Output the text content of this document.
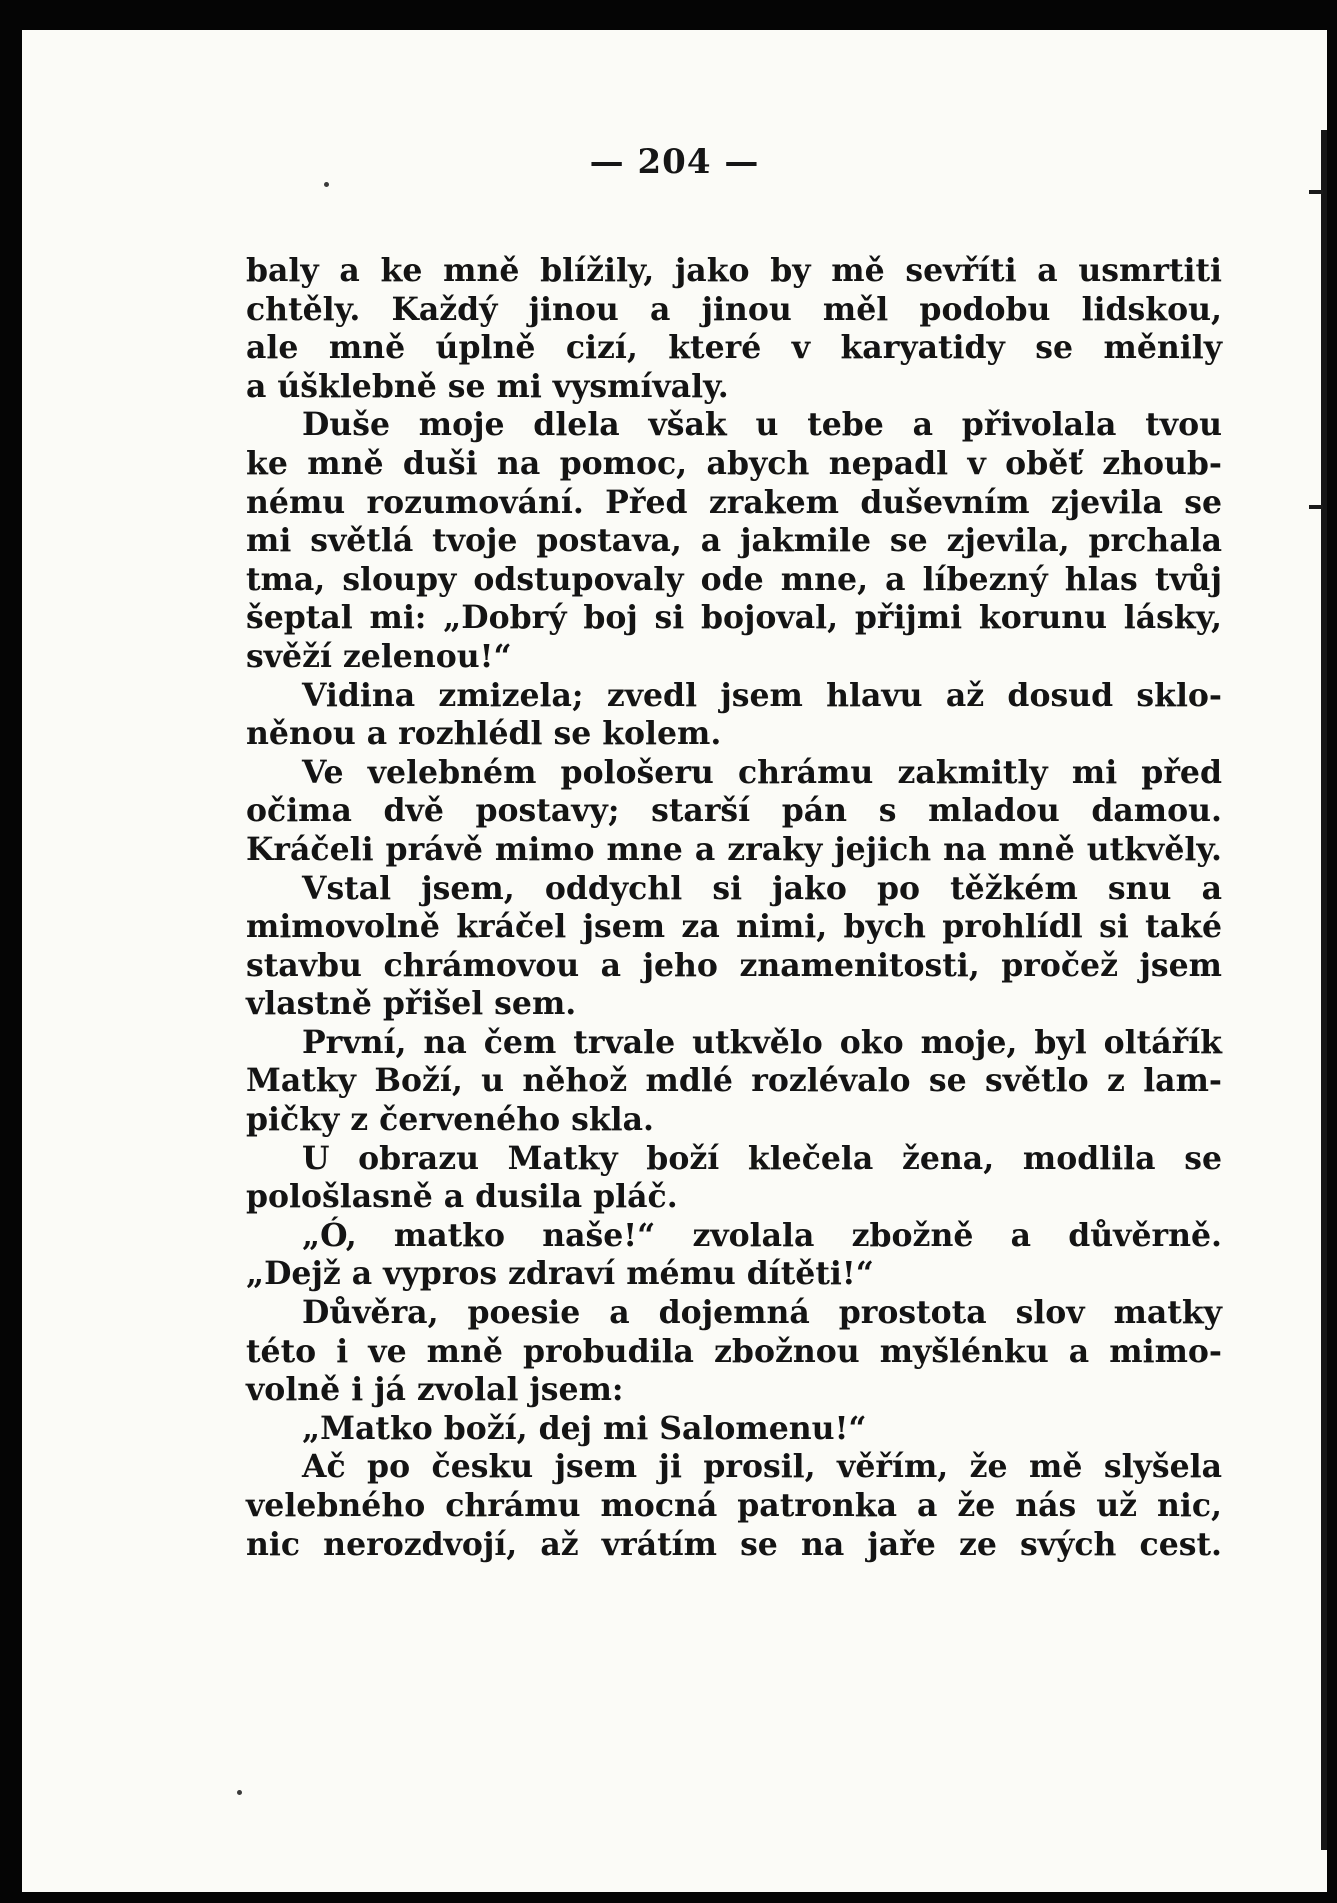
— 204 —
baly a ke mně blížily, jako by mě sevříti a usmrtiti
chtěly. Každý jinou a jinou měl podobu lidskou,
ale mně úplně cizí, které v karyatidy se měnily
a úšklebně se mi vysmívaly.
Duše moje dlela však u tebe a přivolala tvou
ke mně duši na pomoc, abych nepadl v oběť zhoub-
nému rozumování. Před zrakem duševním zjevila se
mi světlá tvoje postava, a jakmile se zjevila, prchala
tma, sloupy odstupovaly ode mne, a líbezný hlas tvůj
šeptal mi: „Dobrý boj si bojoval, přijmi korunu lásky,
svěží zelenou!“
Vidina zmizela; zvedl jsem hlavu až dosud sklo-
něnou a rozhlédl se kolem.
Ve velebném pološeru chrámu zakmitly mi před
očima dvě postavy; starší pán s mladou damou.
Kráčeli právě mimo mne a zraky jejich na mně utkvěly.
Vstal jsem, oddychl si jako po těžkém snu a
mimovolně kráčel jsem za nimi, bych prohlídl si také
stavbu chrámovou a jeho znamenitosti, pročež jsem
vlastně přišel sem.
První, na čem trvale utkvělo oko moje, byl oltářík
Matky Boží, u něhož mdlé rozlévalo se světlo z lam-
pičky z červeného skla.
U obrazu Matky boží klečela žena, modlila se
pološlasně a dusila pláč.
„Ó, matko naše!“ zvolala zbožně a důvěrně.
„Dejž a vypros zdraví mému dítěti!“
Důvěra, poesie a dojemná prostota slov matky
této i ve mně probudila zbožnou myšlénku a mimo-
volně i já zvolal jsem:
„Matko boží, dej mi Salomenu!“
Ač po česku jsem ji prosil, věřím, že mě slyšela
velebného chrámu mocná patronka a že nás už nic,
nic nerozdvojí, až vrátím se na jaře ze svých cest.
